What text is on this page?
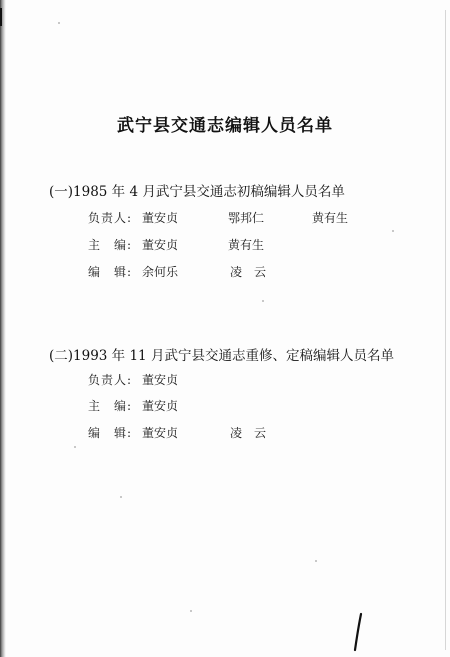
武宁县交通志编辑人员名单

(一)1985 年 4 月武宁县交通志初稿编辑人员名单

负责人: 董安贞	鄂邦仁	黄有生
主　编: 董安贞	黄有生
编　辑: 余何乐	凌　云

(二)1993 年 11 月武宁县交通志重修、定稿编辑人员名单

负责人: 董安贞
主　编: 董安贞
编　辑: 董安贞	凌　云
